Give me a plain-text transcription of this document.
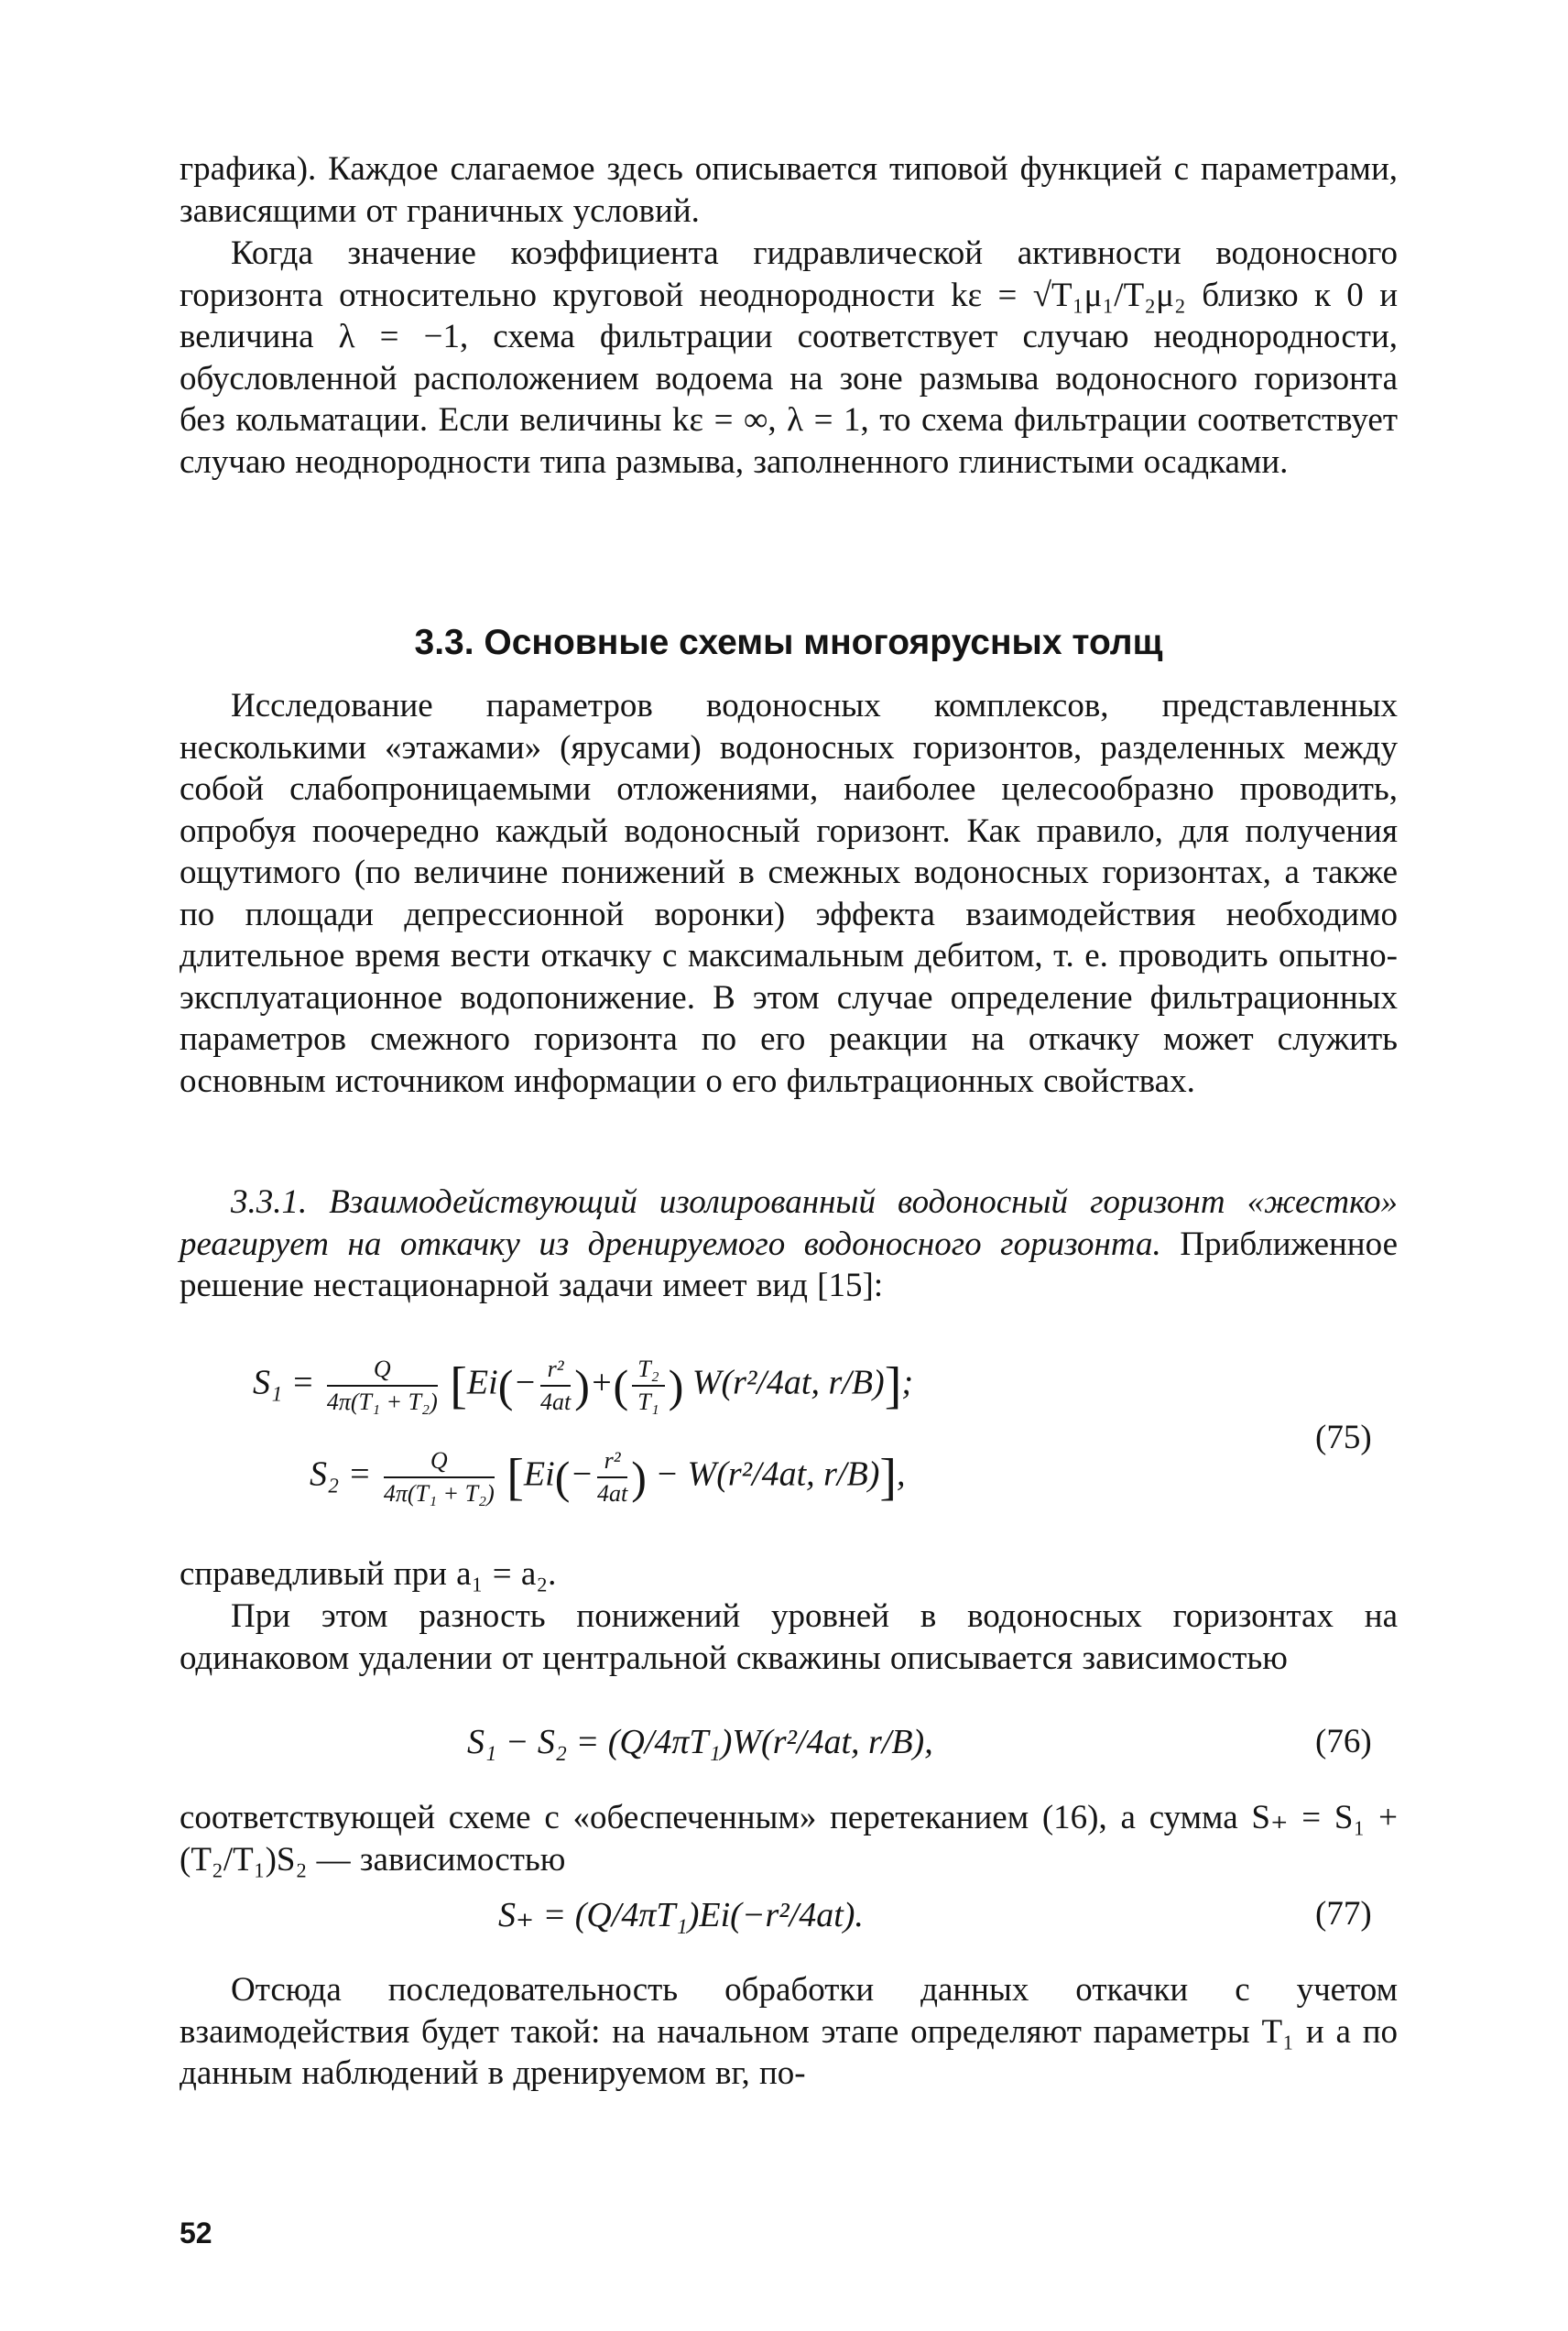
графика). Каждое слагаемое здесь описывается типовой функцией с параметрами, зависящими от граничных условий.

Когда значение коэффициента гидравлической активности водоносного горизонта относительно круговой неоднородности kε = √T₁μ₁/T₂μ₂ близко к 0 и величина λ = −1, схема фильтрации соответствует случаю неоднородности, обусловленной расположением водоема на зоне размыва водоносного горизонта без кольматации. Если величины kε = ∞, λ = 1, то схема фильтрации соответствует случаю неоднородности типа размыва, заполненного глинистыми осадками.

3.3. Основные схемы многоярусных толщ

Исследование параметров водоносных комплексов, представленных несколькими «этажами» (ярусами) водоносных горизонтов, разделенных между собой слабопроницаемыми отложениями, наиболее целесообразно проводить, опробуя поочередно каждый водоносный горизонт. Как правило, для получения ощутимого (по величине понижений в смежных водоносных горизонтах, а также по площади депрессионной воронки) эффекта взаимодействия необходимо длительное время вести откачку с максимальным дебитом, т. е. проводить опытно-эксплуатационное водопонижение. В этом случае определение фильтрационных параметров смежного горизонта по его реакции на откачку может служить основным источником информации о его фильтрационных свойствах.

3.3.1. Взаимодействующий изолированный водоносный горизонт «жестко» реагирует на откачку из дренируемого водоносного горизонта. Приближенное решение нестационарной задачи имеет вид [15]:

$S_1 = \frac{Q}{\text{4π(T₁ + T₂)}} [Ei(- \frac{\text{r²}}{4at}$ )+( $\frac{\text{T₂}}{\text{T₁}}$ ) W(r²/4at, r/B)];
$S_2 = \frac{Q}{\text{4π(T₁ + T₂)}} [Ei(- \frac{\text{r²}}{4at}$ ) − W(r²/4at, r/B)],
(75)

справедливый при a₁ = a₂.

При этом разность понижений уровней в водоносных горизонтах на одинаковом удалении от центральной скважины описывается зависимостью

S₁ − S₂ = (Q/4πT₁)W(r²/4at, r/B),	(76)

соответствующей схеме с «обеспеченным» перетеканием (16), а сумма S₊ = S₁ + (T₂/T₁)S₂ — зависимостью

S₊ = (Q/4πT₁)Ei(−r²/4at).	(77)

Отсюда последовательность обработки данных откачки с учетом взаимодействия будет такой: на начальном этапе определяют параметры T₁ и a по данным наблюдений в дренируемом вг, по-

52
